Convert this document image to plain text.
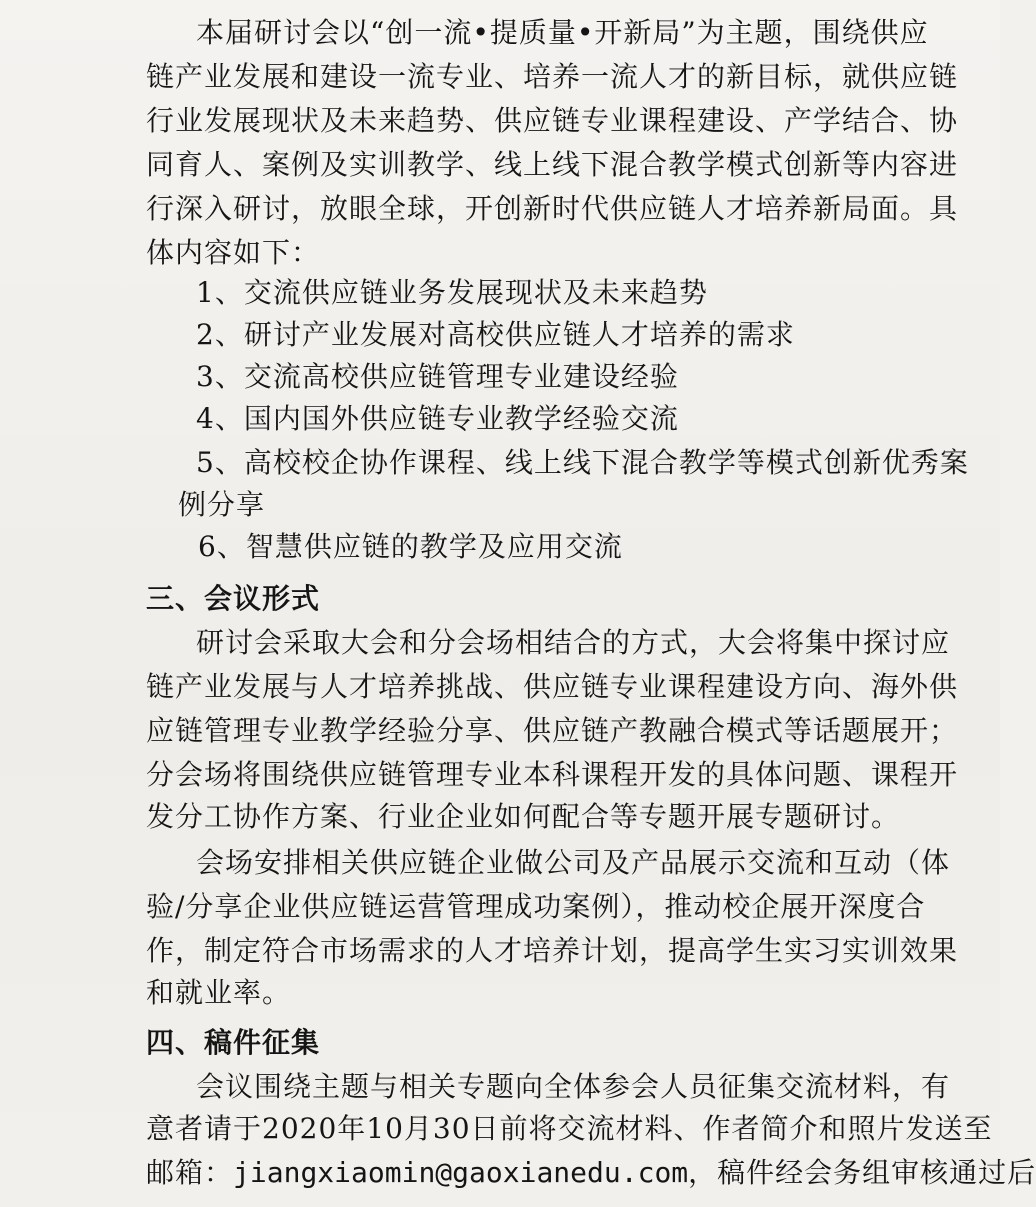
本届研讨会以“创一流•提质量•开新局”为主题，围绕供应
链产业发展和建设一流专业、培养一流人才的新目标，就供应链
行业发展现状及未来趋势、供应链专业课程建设、产学结合、协
同育人、案例及实训教学、线上线下混合教学模式创新等内容进
行深入研讨，放眼全球，开创新时代供应链人才培养新局面。具
体内容如下：
1、交流供应链业务发展现状及未来趋势
2、研讨产业发展对高校供应链人才培养的需求
3、交流高校供应链管理专业建设经验
4、国内国外供应链专业教学经验交流
5、高校校企协作课程、线上线下混合教学等模式创新优秀案
例分享
6、智慧供应链的教学及应用交流
三、会议形式
研讨会采取大会和分会场相结合的方式，大会将集中探讨应
链产业发展与人才培养挑战、供应链专业课程建设方向、海外供
应链管理专业教学经验分享、供应链产教融合模式等话题展开；
分会场将围绕供应链管理专业本科课程开发的具体问题、课程开
发分工协作方案、行业企业如何配合等专题开展专题研讨。
会场安排相关供应链企业做公司及产品展示交流和互动（体
验/分享企业供应链运营管理成功案例），推动校企展开深度合
作，制定符合市场需求的人才培养计划，提高学生实习实训效果
和就业率。
四、稿件征集
会议围绕主题与相关专题向全体参会人员征集交流材料，有
意者请于2020年10月30日前将交流材料、作者简介和照片发送至
邮箱：jiangxiaomin@gaoxianedu.com，稿件经会务组审核通过后
